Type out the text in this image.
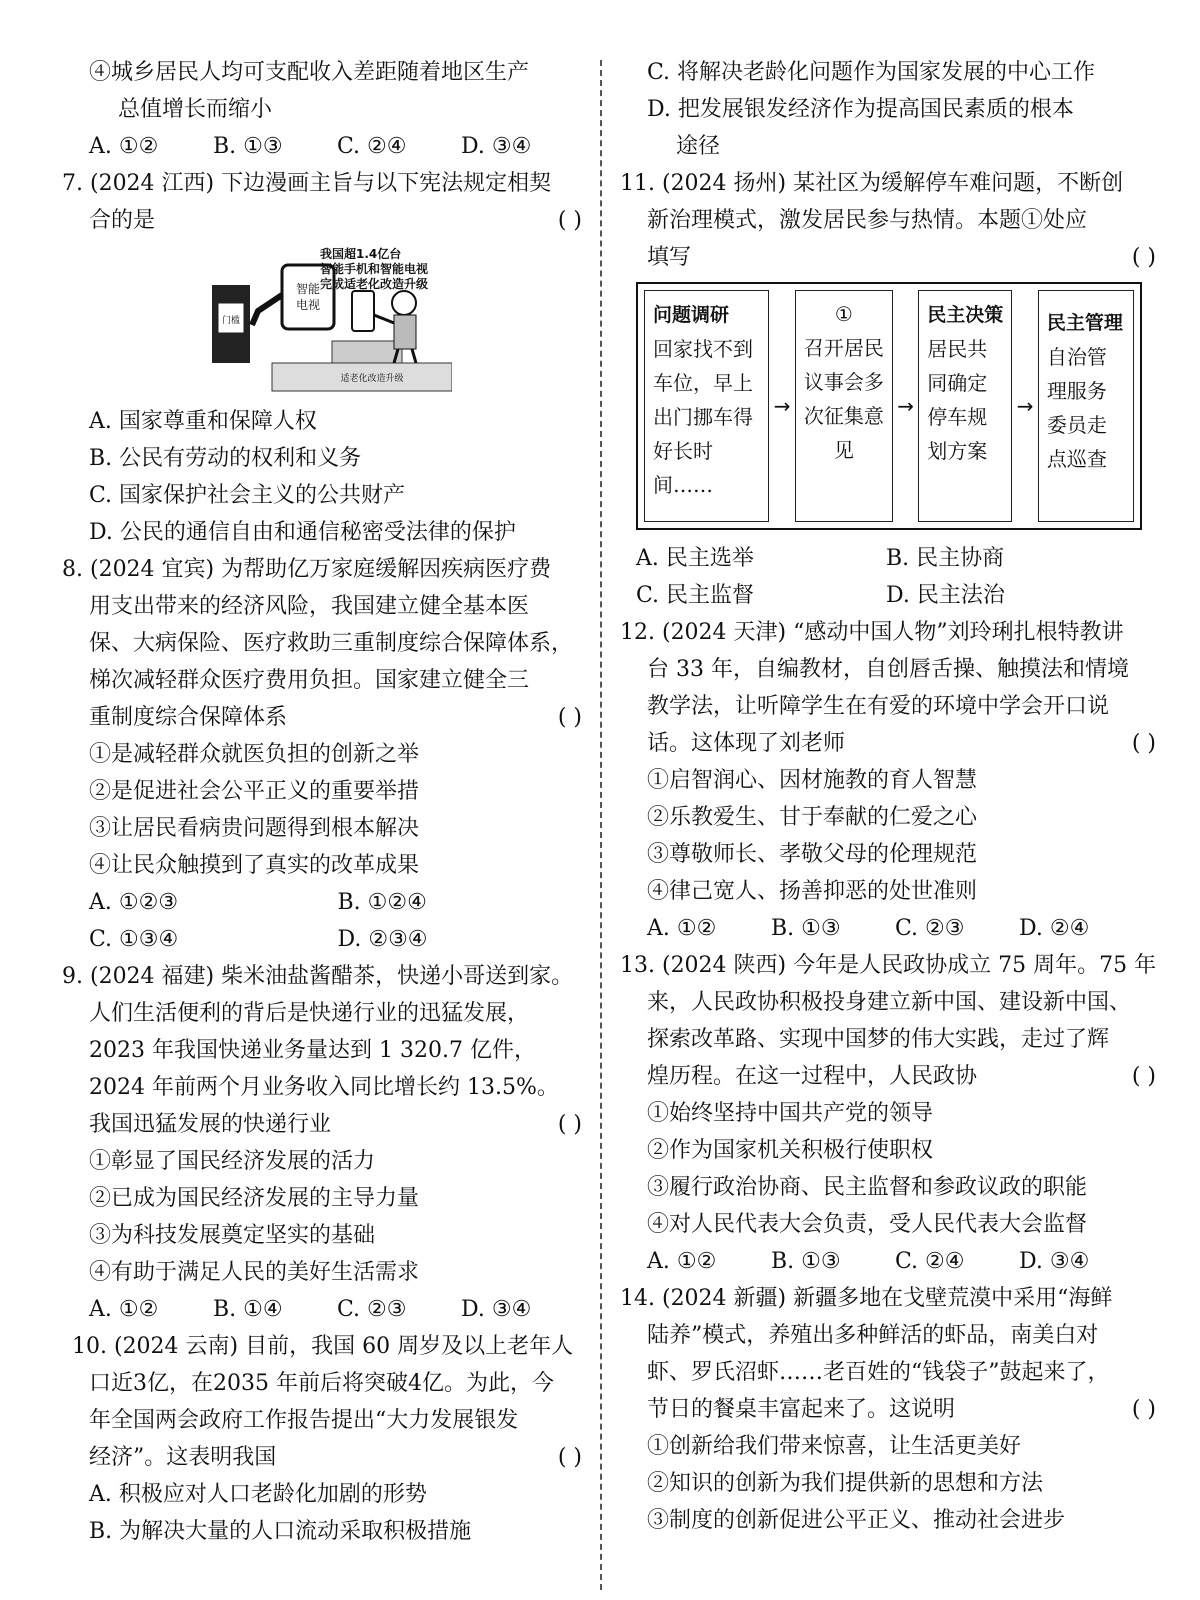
④城乡居民人均可支配收入差距随着地区生产
总值增长而缩小
A. ①②	B. ①③	C. ②④	D. ③④
7. (2024 江西) 下边漫画主旨与以下宪法规定相契
合的是	( )
门槛
适老化改造升级
智能
电视
我国超1.4亿台
智能手机和智能电视
完成适老化改造升级
A. 国家尊重和保障人权
B. 公民有劳动的权利和义务
C. 国家保护社会主义的公共财产
D. 公民的通信自由和通信秘密受法律的保护
8. (2024 宜宾) 为帮助亿万家庭缓解因疾病医疗费
用支出带来的经济风险，我国建立健全基本医
保、大病保险、医疗救助三重制度综合保障体系，
梯次减轻群众医疗费用负担。国家建立健全三
重制度综合保障体系	( )
①是减轻群众就医负担的创新之举
②是促进社会公平正义的重要举措
③让居民看病贵问题得到根本解决
④让民众触摸到了真实的改革成果
A. ①②③	B. ①②④
C. ①③④	D. ②③④
9. (2024 福建) 柴米油盐酱醋茶，快递小哥送到家。
人们生活便利的背后是快递行业的迅猛发展，
2023 年我国快递业务量达到 1 320.7 亿件，
2024 年前两个月业务收入同比增长约 13.5%。
我国迅猛发展的快递行业	( )
①彰显了国民经济发展的活力
②已成为国民经济发展的主导力量
③为科技发展奠定坚实的基础
④有助于满足人民的美好生活需求
A. ①②	B. ①④	C. ②③	D. ③④
10. (2024 云南) 目前，我国 60 周岁及以上老年人
口近3亿，在2035 年前后将突破4亿。为此，今
年全国两会政府工作报告提出“大力发展银发
经济”。这表明我国	( )
A. 积极应对人口老龄化加剧的形势
B. 为解决大量的人口流动采取积极措施
C. 将解决老龄化问题作为国家发展的中心工作
D. 把发展银发经济作为提高国民素质的根本
途径
11. (2024 扬州) 某社区为缓解停车难问题，不断创
新治理模式，激发居民参与热情。本题①处应
填写	( )
问题调研
回家找不到车位，早上出门挪车得好长时间……
→
①
召开居民议事会多次征集意见
→
民主决策
居民共同确定停车规划方案
→
民主管理
自治管理服务委员走点巡查
A. 民主选举	B. 民主协商
C. 民主监督	D. 民主法治
12. (2024 天津) “感动中国人物”刘玲琍扎根特教讲
台 33 年，自编教材，自创唇舌操、触摸法和情境
教学法，让听障学生在有爱的环境中学会开口说
话。这体现了刘老师	( )
①启智润心、因材施教的育人智慧
②乐教爱生、甘于奉献的仁爱之心
③尊敬师长、孝敬父母的伦理规范
④律己宽人、扬善抑恶的处世准则
A. ①②	B. ①③	C. ②③	D. ②④
13. (2024 陕西) 今年是人民政协成立 75 周年。75 年
来，人民政协积极投身建立新中国、建设新中国、
探索改革路、实现中国梦的伟大实践，走过了辉
煌历程。在这一过程中，人民政协	( )
①始终坚持中国共产党的领导
②作为国家机关积极行使职权
③履行政治协商、民主监督和参政议政的职能
④对人民代表大会负责，受人民代表大会监督
A. ①②	B. ①③	C. ②④	D. ③④
14. (2024 新疆) 新疆多地在戈壁荒漠中采用“海鲜
陆养”模式，养殖出多种鲜活的虾品，南美白对
虾、罗氏沼虾……老百姓的“钱袋子”鼓起来了，
节日的餐桌丰富起来了。这说明	( )
①创新给我们带来惊喜，让生活更美好
②知识的创新为我们提供新的思想和方法
③制度的创新促进公平正义、推动社会进步
